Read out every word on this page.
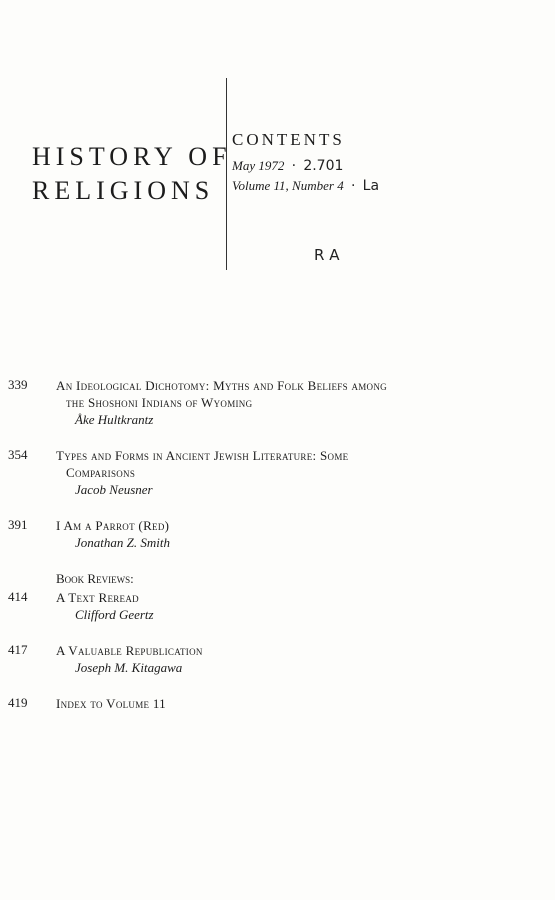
HISTORY OF
RELIGIONS
CONTENTS
May 1972 · 2.701
Volume 11, Number 4 · La
R A
339	An Ideological Dichotomy: Myths and Folk Beliefs among
the Shoshoni Indians of Wyoming
Åke Hultkrantz
354	Types and Forms in Ancient Jewish Literature: Some
Comparisons
Jacob Neusner
391	I Am a Parrot (Red)
Jonathan Z. Smith
Book Reviews:
414	A Text Reread
Clifford Geertz
417	A Valuable Republication
Joseph M. Kitagawa
419	Index to Volume 11
